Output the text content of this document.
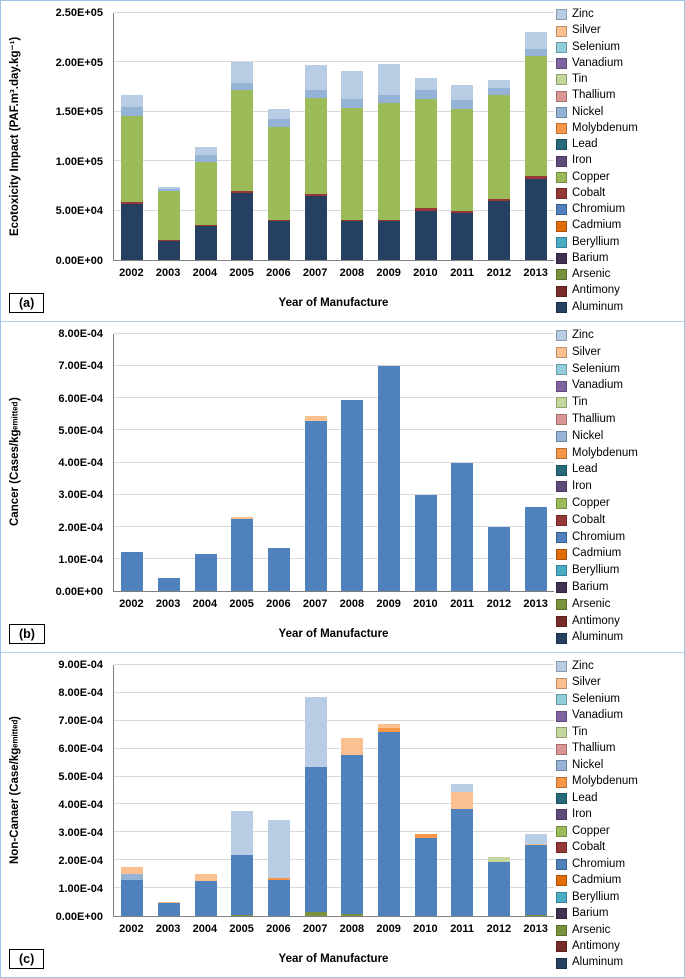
Ecotoxicity Impact (PAF.m³.day.kg⁻¹)
0.00E+00
5.00E+04
1.00E+05
1.50E+05
2.00E+05
2.50E+05
2002	2003	2004	2005	2006	2007	2008	2009	2010	2011	2012	2013
Year of Manufacture
Zinc
Silver
Selenium
Vanadium
Tin
Thallium
Nickel
Molybdenum
Lead
Iron
Copper
Cobalt
Chromium
Cadmium
Beryllium
Barium
Arsenic
Antimony
Aluminum
(a)
Cancer (Cases/kg
emitted
)
0.00E+00
1.00E-04
2.00E-04
3.00E-04
4.00E-04
5.00E-04
6.00E-04
7.00E-04
8.00E-04
2002	2003	2004	2005	2006	2007	2008	2009	2010	2011	2012	2013
Year of Manufacture
Zinc
Silver
Selenium
Vanadium
Tin
Thallium
Nickel
Molybdenum
Lead
Iron
Copper
Cobalt
Chromium
Cadmium
Beryllium
Barium
Arsenic
Antimony
Aluminum
(b)
Non-Canaer (Case/kg
emitted
)
0.00E+00
1.00E-04
2.00E-04
3.00E-04
4.00E-04
5.00E-04
6.00E-04
7.00E-04
8.00E-04
9.00E-04
2002	2003	2004	2005	2006	2007	2008	2009	2010	2011	2012	2013
Year of Manufacture
Zinc
Silver
Selenium
Vanadium
Tin
Thallium
Nickel
Molybdenum
Lead
Iron
Copper
Cobalt
Chromium
Cadmium
Beryllium
Barium
Arsenic
Antimony
Aluminum
(c)
